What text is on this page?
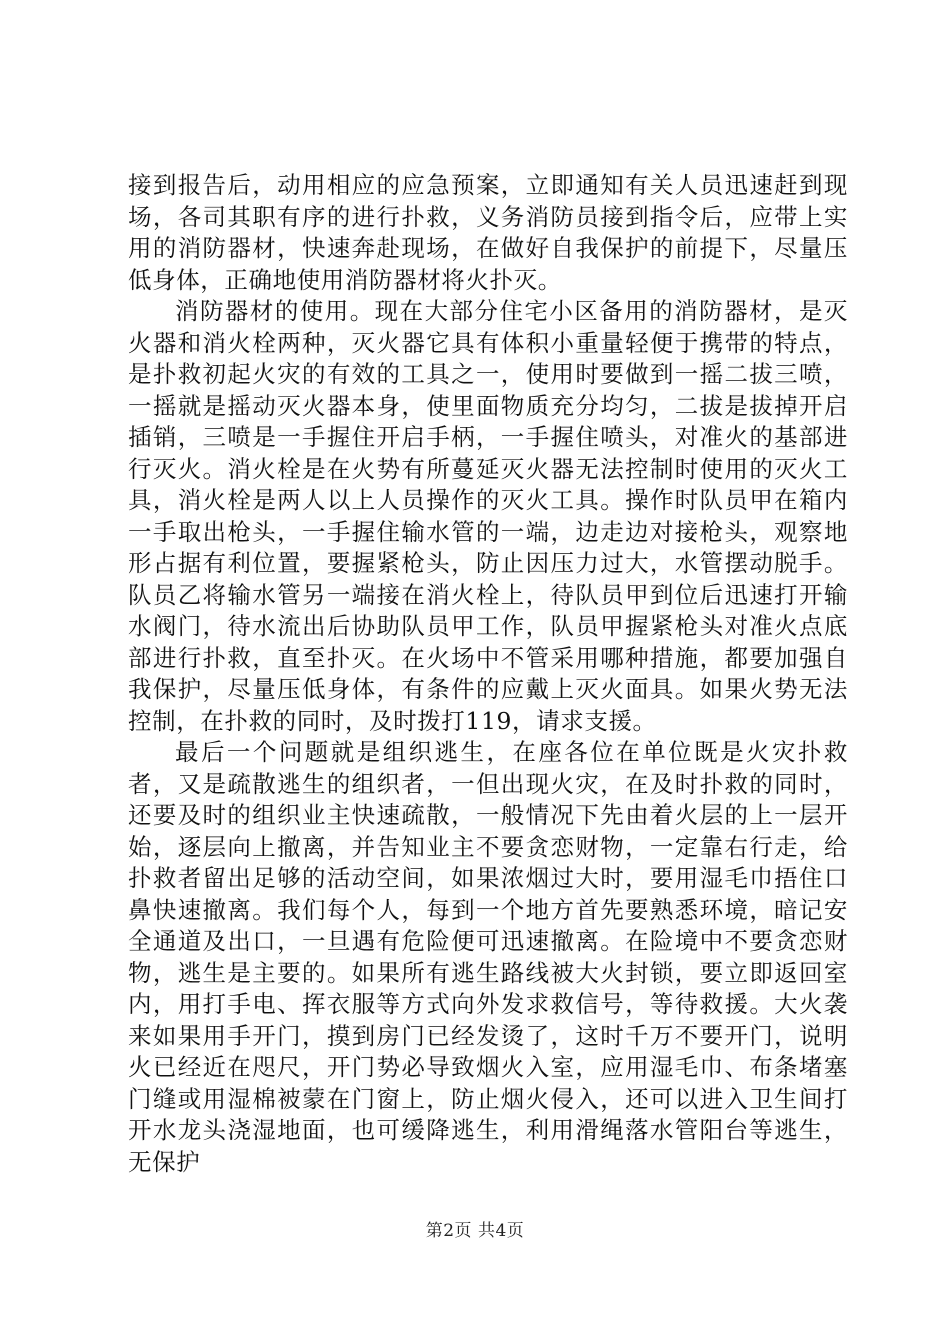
接到报告后，动用相应的应急预案，立即通知有关人员迅速赶到现场，各司其职有序的进行扑救，义务消防员接到指令后，应带上实用的消防器材，快速奔赴现场，在做好自我保护的前提下，尽量压低身体，正确地使用消防器材将火扑灭。

消防器材的使用。现在大部分住宅小区备用的消防器材，是灭火器和消火栓两种，灭火器它具有体积小重量轻便于携带的特点，是扑救初起火灾的有效的工具之一，使用时要做到一摇二拔三喷，一摇就是摇动灭火器本身，使里面物质充分均匀，二拔是拔掉开启插销，三喷是一手握住开启手柄，一手握住喷头，对准火的基部进行灭火。消火栓是在火势有所蔓延灭火器无法控制时使用的灭火工具，消火栓是两人以上人员操作的灭火工具。操作时队员甲在箱内一手取出枪头，一手握住输水管的一端，边走边对接枪头，观察地形占据有利位置，要握紧枪头，防止因压力过大，水管摆动脱手。队员乙将输水管另一端接在消火栓上，待队员甲到位后迅速打开输水阀门，待水流出后协助队员甲工作，队员甲握紧枪头对准火点底部进行扑救，直至扑灭。在火场中不管采用哪种措施，都要加强自我保护，尽量压低身体，有条件的应戴上灭火面具。如果火势无法控制，在扑救的同时，及时拨打119，请求支援。

最后一个问题就是组织逃生，在座各位在单位既是火灾扑救者，又是疏散逃生的组织者，一但出现火灾，在及时扑救的同时，还要及时的组织业主快速疏散，一般情况下先由着火层的上一层开始，逐层向上撤离，并告知业主不要贪恋财物，一定靠右行走，给扑救者留出足够的活动空间，如果浓烟过大时，要用湿毛巾捂住口鼻快速撤离。我们每个人，每到一个地方首先要熟悉环境，暗记安全通道及出口，一旦遇有危险便可迅速撤离。在险境中不要贪恋财物，逃生是主要的。如果所有逃生路线被大火封锁，要立即返回室内，用打手电、挥衣服等方式向外发求救信号，等待救援。大火袭来如果用手开门，摸到房门已经发烫了，这时千万不要开门，说明火已经近在咫尺，开门势必导致烟火入室，应用湿毛巾、布条堵塞门缝或用湿棉被蒙在门窗上，防止烟火侵入，还可以进入卫生间打开水龙头浇湿地面，也可缓降逃生，利用滑绳落水管阳台等逃生，无保护

第2页 共4页
